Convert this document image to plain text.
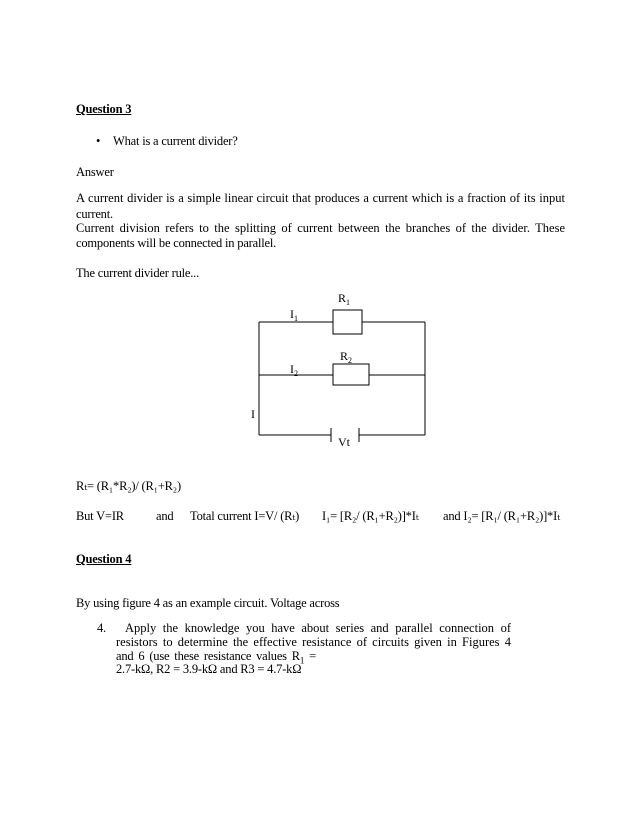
Question 3
• What is a current divider?
Answer
A current divider is a simple linear circuit that produces a current which is a fraction of its input
current.
Current division refers to the splitting of current between the branches of the divider. These
components will be connected in parallel.
The current divider rule...
$R_1$
$I_1$
$R_2$
$I_2$
I
Vt
Rₜ= (R₁*R₂)/ (R₁+R₂)
But V=IR	and Total current I=V/ (Rₜ) I₁= [R₂/ (R₁+R₂)]*Iₜ and I₂= [R₁/ (R₁+R₂)]*Iₜ
Question 4
By using figure 4 as an example circuit. Voltage across
4. Apply the knowledge you have about series and parallel connection of
resistors to determine the effective resistance of circuits given in Figures 4
and 6 (use these resistance values $R_1$ =
2.7-kΩ, R2 = 3.9-kΩ and R3 = 4.7-kΩ
